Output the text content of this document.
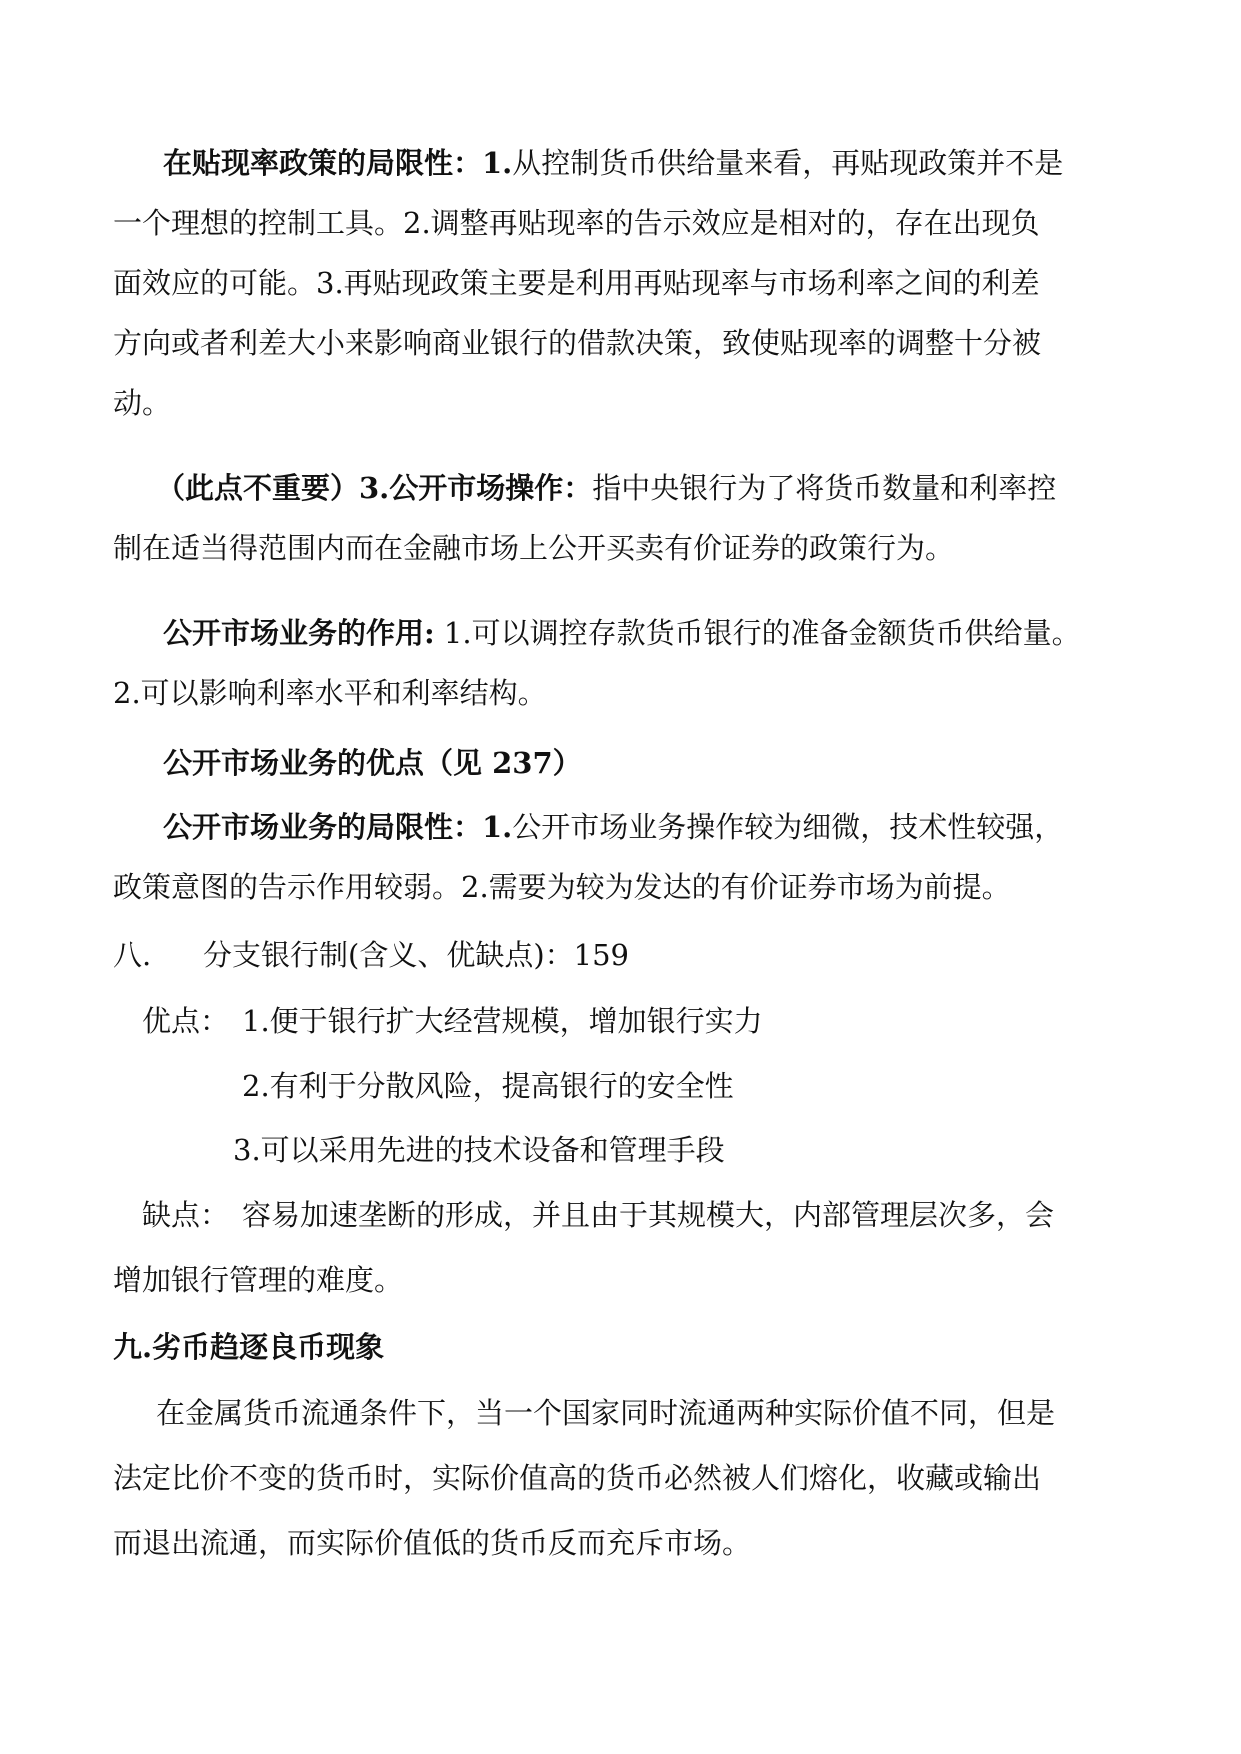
在贴现率政策的局限性：1.从控制货币供给量来看，再贴现政策并不是
一个理想的控制工具。2.调整再贴现率的告示效应是相对的，存在出现负
面效应的可能。3.再贴现政策主要是利用再贴现率与市场利率之间的利差
方向或者利差大小来影响商业银行的借款决策，致使贴现率的调整十分被
动。
（此点不重要）3.公开市场操作：指中央银行为了将货币数量和利率控
制在适当得范围内而在金融市场上公开买卖有价证券的政策行为。
公开市场业务的作用: 1.可以调控存款货币银行的准备金额货币供给量。
2.可以影响利率水平和利率结构。
公开市场业务的优点（见 237）
公开市场业务的局限性：1.公开市场业务操作较为细微，技术性较强，
政策意图的告示作用较弱。2.需要为较为发达的有价证券市场为前提。
八. 分支银行制(含义、优缺点)：159
优点： 1.便于银行扩大经营规模，增加银行实力
2.有利于分散风险，提高银行的安全性
3.可以采用先进的技术设备和管理手段
缺点： 容易加速垄断的形成，并且由于其规模大，内部管理层次多，会
增加银行管理的难度。
九.劣币趋逐良币现象
在金属货币流通条件下，当一个国家同时流通两种实际价值不同，但是
法定比价不变的货币时，实际价值高的货币必然被人们熔化，收藏或输出
而退出流通，而实际价值低的货币反而充斥市场。
